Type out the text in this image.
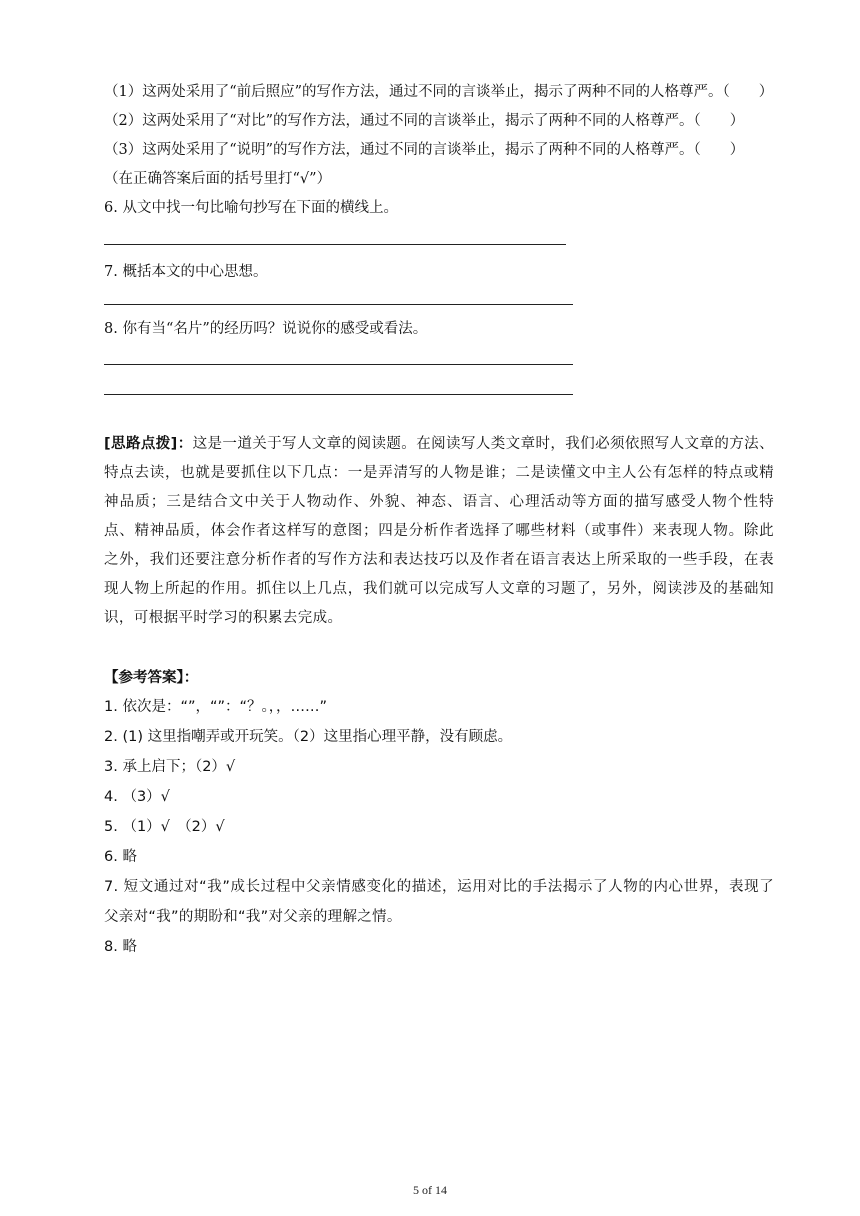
（1）这两处采用了“前后照应”的写作方法，通过不同的言谈举止，揭示了两种不同的人格尊严。（　　）
（2）这两处采用了“对比”的写作方法，通过不同的言谈举止，揭示了两种不同的人格尊严。（　　）
（3）这两处采用了“说明”的写作方法，通过不同的言谈举止，揭示了两种不同的人格尊严。（　　）
（在正确答案后面的括号里打“√”）
6. 从文中找一句比喻句抄写在下面的横线上。
7. 概括本文的中心思想。
8. 你有当“名片”的经历吗？说说你的感受或看法。
[思路点拨]：这是一道关于写人文章的阅读题。在阅读写人类文章时，我们必须依照写人文章的方法、特点去读，也就是要抓住以下几点：一是弄清写的人物是谁；二是读懂文中主人公有怎样的特点或精神品质；三是结合文中关于人物动作、外貌、神态、语言、心理活动等方面的描写感受人物个性特点、精神品质，体会作者这样写的意图；四是分析作者选择了哪些材料（或事件）来表现人物。除此之外，我们还要注意分析作者的写作方法和表达技巧以及作者在语言表达上所采取的一些手段，在表现人物上所起的作用。抓住以上几点，我们就可以完成写人文章的习题了，另外，阅读涉及的基础知识，可根据平时学习的积累去完成。
【参考答案】：
1. 依次是：“”，“”：“？。，，……”
2. (1) 这里指嘲弄或开玩笑。（2）这里指心理平静，没有顾虑。
3. 承上启下；（2）√
4. （3）√
5. （1）√　（2）√
6. 略
7. 短文通过对“我”成长过程中父亲情感变化的描述，运用对比的手法揭示了人物的内心世界，表现了父亲对“我”的期盼和“我”对父亲的理解之情。
8. 略
5 of 14
